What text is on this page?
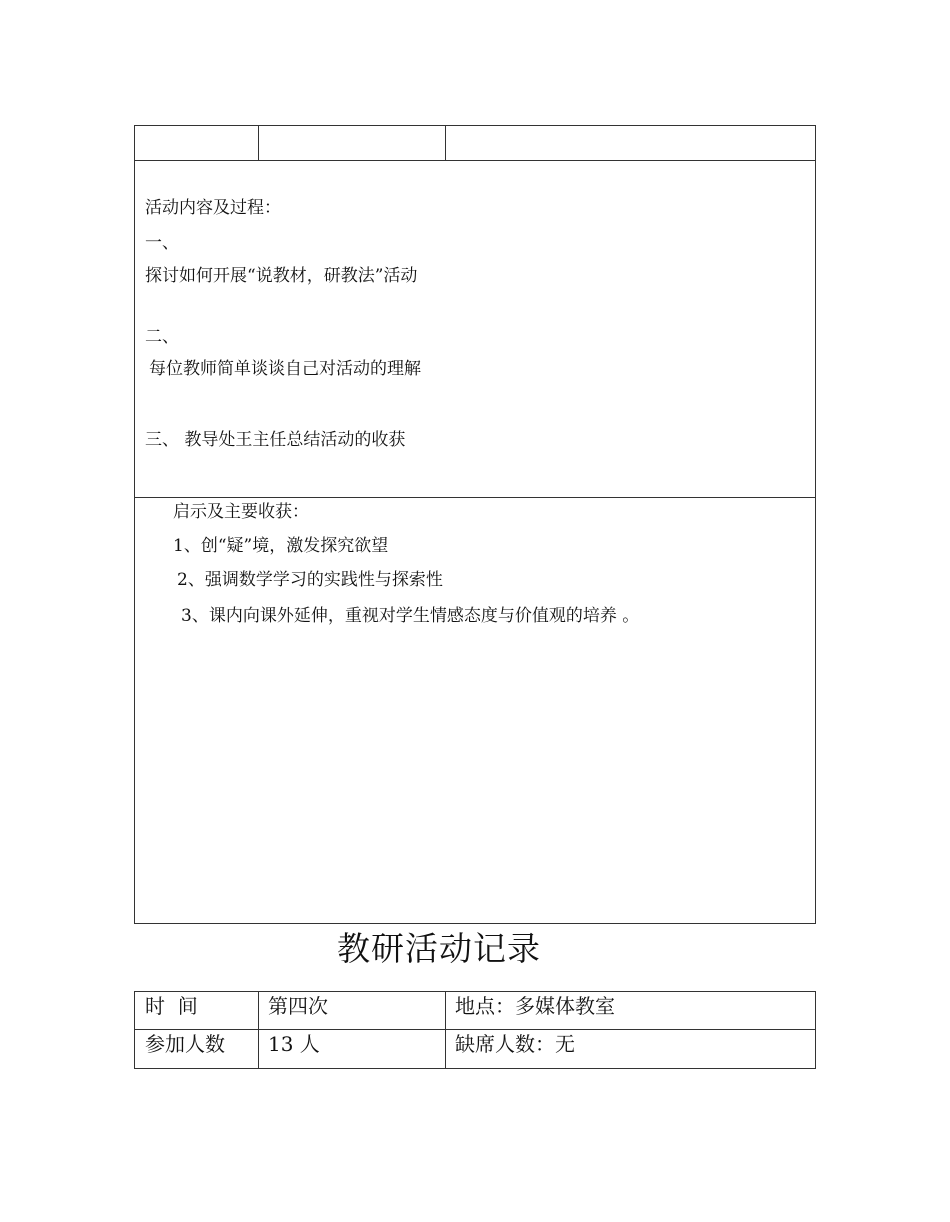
活动内容及过程：
一、
探讨如何开展“说教材，研教法”活动
二、
每位教师简单谈谈自己对活动的理解
三、 教导处王主任总结活动的收获
启示及主要收获：
1、创“疑”境，激发探究欲望
2、强调数学学习的实践性与探索性
3、课内向课外延伸，重视对学生情感态度与价值观的培养 。
教研活动记录
时  间	第四次	地点：多媒体教室
参加人数 13 人	缺席人数：无
